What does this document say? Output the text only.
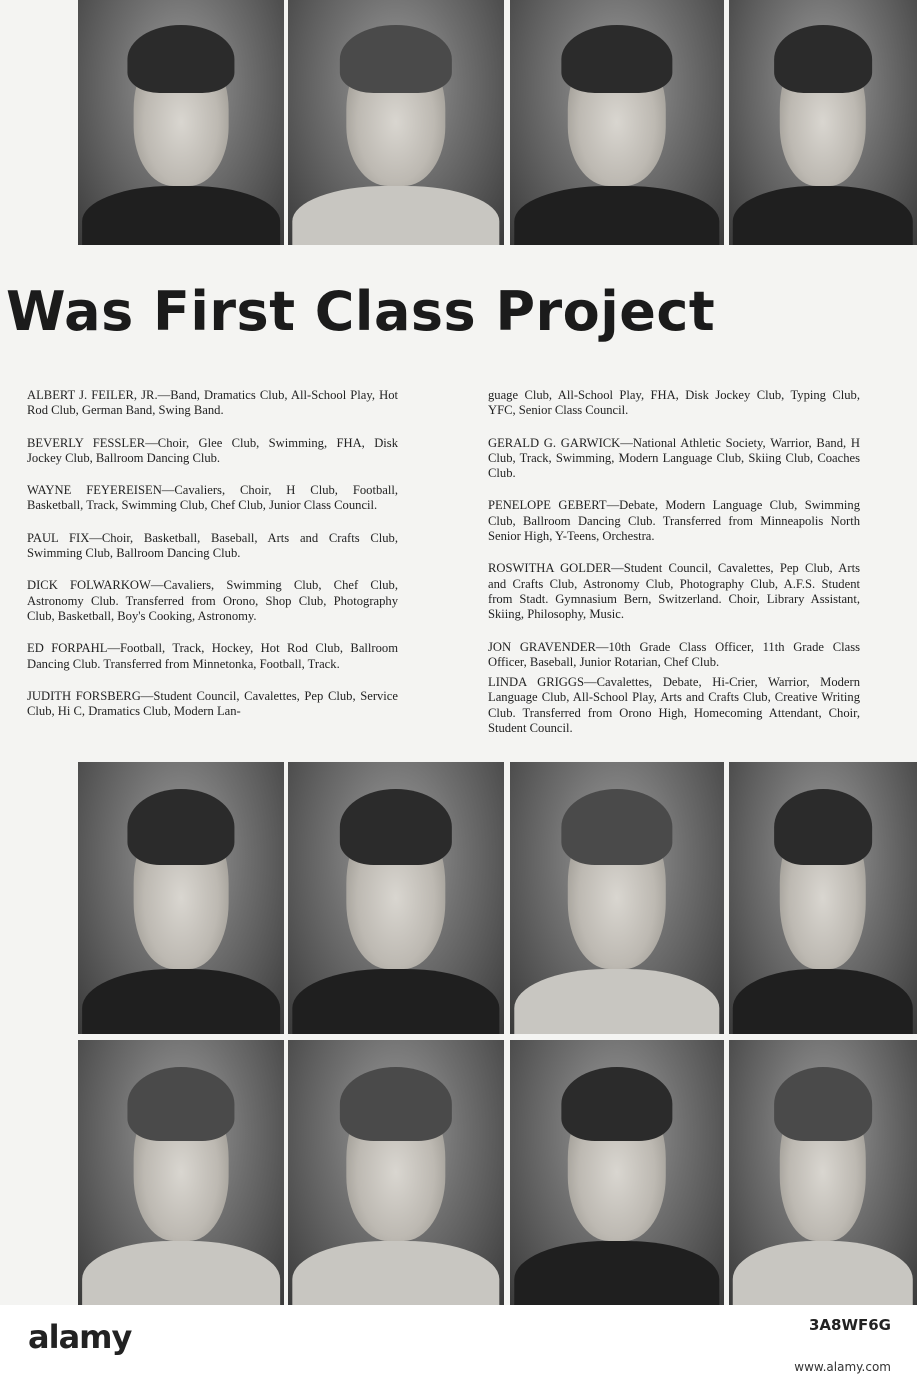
Was First Class Project

ALBERT J. FEILER, JR.—Band, Dramatics Club, All-School Play, Hot Rod Club, German Band, Swing Band.

BEVERLY FESSLER—Choir, Glee Club, Swimming, FHA, Disk Jockey Club, Ballroom Dancing Club.

WAYNE FEYEREISEN—Cavaliers, Choir, H Club, Football, Basketball, Track, Swimming Club, Chef Club, Junior Class Council.

PAUL FIX—Choir, Basketball, Baseball, Arts and Crafts Club, Swimming Club, Ballroom Dancing Club.

DICK FOLWARKOW—Cavaliers, Swimming Club, Chef Club, Astronomy Club. Transferred from Orono, Shop Club, Photography Club, Basketball, Boy's Cooking, Astronomy.

ED FORPAHL—Football, Track, Hockey, Hot Rod Club, Ballroom Dancing Club. Transferred from Minnetonka, Football, Track.

JUDITH FORSBERG—Student Council, Cavalettes, Pep Club, Service Club, Hi C, Dramatics Club, Modern Lan-

guage Club, All-School Play, FHA, Disk Jockey Club, Typing Club, YFC, Senior Class Council.

GERALD G. GARWICK—National Athletic Society, Warrior, Band, H Club, Track, Swimming, Modern Language Club, Skiing Club, Coaches Club.

PENELOPE GEBERT—Debate, Modern Language Club, Swimming Club, Ballroom Dancing Club. Transferred from Minneapolis North Senior High, Y-Teens, Orchestra.

ROSWITHA GOLDER—Student Council, Cavalettes, Pep Club, Arts and Crafts Club, Astronomy Club, Photography Club, A.F.S. Student from Stadt. Gymnasium Bern, Switzerland. Choir, Library Assistant, Skiing, Philosophy, Music.

JON GRAVENDER—10th Grade Class Officer, 11th Grade Class Officer, Baseball, Junior Rotarian, Chef Club.

LINDA GRIGGS—Cavalettes, Debate, Hi-Crier, Warrior, Modern Language Club, All-School Play, Arts and Crafts Club, Creative Writing Club. Transferred from Orono High, Homecoming Attendant, Choir, Student Council.

alamy	3A8WF6G
www.alamy.com
